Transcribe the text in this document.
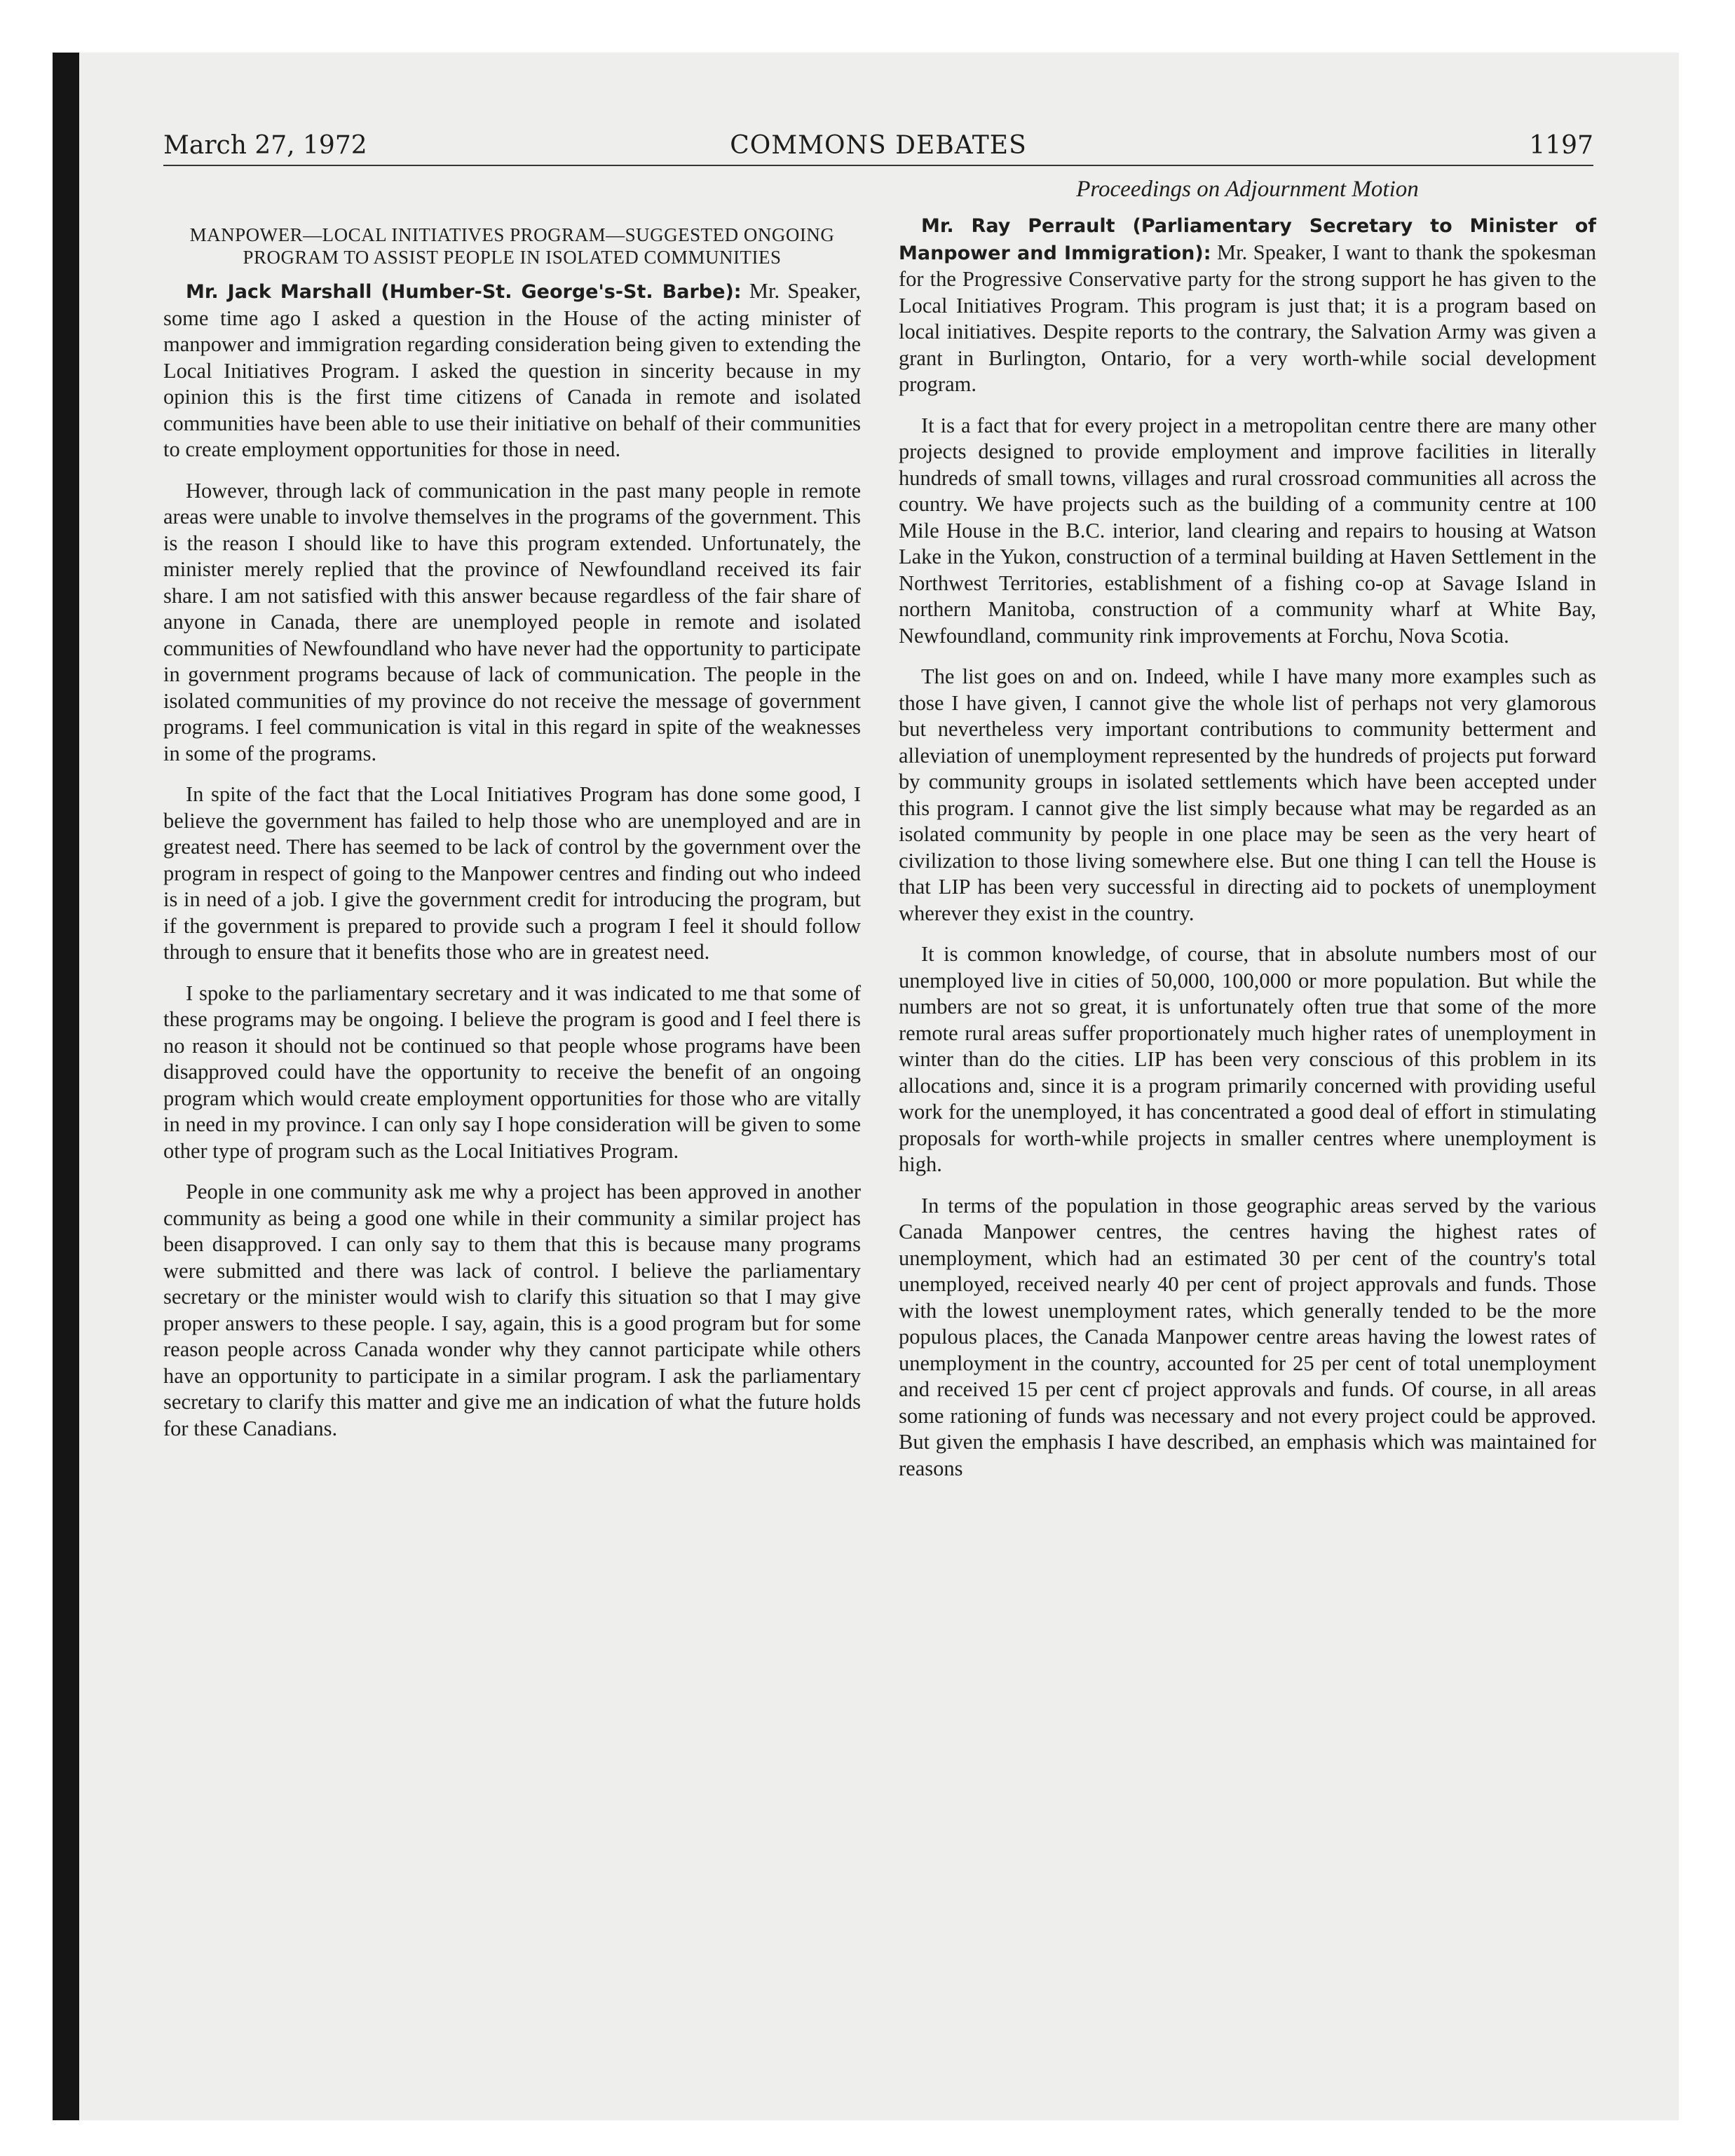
March 27, 1972	COMMONS DEBATES	1197
MANPOWER—LOCAL INITIATIVES PROGRAM—SUGGESTED ONGOING PROGRAM TO ASSIST PEOPLE IN ISOLATED COMMUNITIES

Mr. Jack Marshall (Humber-St. George's-St. Barbe): Mr. Speaker, some time ago I asked a question in the House of the acting minister of manpower and immigration regarding consideration being given to extending the Local Initiatives Program. I asked the question in sincerity because in my opinion this is the first time citizens of Canada in remote and isolated communities have been able to use their initiative on behalf of their communities to create employment opportunities for those in need.

However, through lack of communication in the past many people in remote areas were unable to involve themselves in the programs of the government. This is the reason I should like to have this program extended. Unfortunately, the minister merely replied that the province of Newfoundland received its fair share. I am not satisfied with this answer because regardless of the fair share of anyone in Canada, there are unemployed people in remote and isolated communities of Newfoundland who have never had the opportunity to participate in government programs because of lack of communication. The people in the isolated communities of my province do not receive the message of government programs. I feel communication is vital in this regard in spite of the weaknesses in some of the programs.

In spite of the fact that the Local Initiatives Program has done some good, I believe the government has failed to help those who are unemployed and are in greatest need. There has seemed to be lack of control by the government over the program in respect of going to the Manpower centres and finding out who indeed is in need of a job. I give the government credit for introducing the program, but if the government is prepared to provide such a program I feel it should follow through to ensure that it benefits those who are in greatest need.

I spoke to the parliamentary secretary and it was indicated to me that some of these programs may be ongoing. I believe the program is good and I feel there is no reason it should not be continued so that people whose programs have been disapproved could have the opportunity to receive the benefit of an ongoing program which would create employment opportunities for those who are vitally in need in my province. I can only say I hope consideration will be given to some other type of program such as the Local Initiatives Program.

People in one community ask me why a project has been approved in another community as being a good one while in their community a similar project has been disapproved. I can only say to them that this is because many programs were submitted and there was lack of control. I believe the parliamentary secretary or the minister would wish to clarify this situation so that I may give proper answers to these people. I say, again, this is a good program but for some reason people across Canada wonder why they cannot participate while others have an opportunity to participate in a similar program. I ask the parliamentary secretary to clarify this matter and give me an indication of what the future holds for these Canadians.

Proceedings on Adjournment Motion

Mr. Ray Perrault (Parliamentary Secretary to Minister of Manpower and Immigration): Mr. Speaker, I want to thank the spokesman for the Progressive Conservative party for the strong support he has given to the Local Initiatives Program. This program is just that; it is a program based on local initiatives. Despite reports to the contrary, the Salvation Army was given a grant in Burlington, Ontario, for a very worth-while social development program.

It is a fact that for every project in a metropolitan centre there are many other projects designed to provide employment and improve facilities in literally hundreds of small towns, villages and rural crossroad communities all across the country. We have projects such as the building of a community centre at 100 Mile House in the B.C. interior, land clearing and repairs to housing at Watson Lake in the Yukon, construction of a terminal building at Haven Settlement in the Northwest Territories, establishment of a fishing co-op at Savage Island in northern Manitoba, construction of a community wharf at White Bay, Newfoundland, community rink improvements at Forchu, Nova Scotia.

The list goes on and on. Indeed, while I have many more examples such as those I have given, I cannot give the whole list of perhaps not very glamorous but nevertheless very important contributions to community betterment and alleviation of unemployment represented by the hundreds of projects put forward by community groups in isolated settlements which have been accepted under this program. I cannot give the list simply because what may be regarded as an isolated community by people in one place may be seen as the very heart of civilization to those living somewhere else. But one thing I can tell the House is that LIP has been very successful in directing aid to pockets of unemployment wherever they exist in the country.

It is common knowledge, of course, that in absolute numbers most of our unemployed live in cities of 50,000, 100,000 or more population. But while the numbers are not so great, it is unfortunately often true that some of the more remote rural areas suffer proportionately much higher rates of unemployment in winter than do the cities. LIP has been very conscious of this problem in its allocations and, since it is a program primarily concerned with providing useful work for the unemployed, it has concentrated a good deal of effort in stimulating proposals for worth-while projects in smaller centres where unemployment is high.

In terms of the population in those geographic areas served by the various Canada Manpower centres, the centres having the highest rates of unemployment, which had an estimated 30 per cent of the country's total unemployed, received nearly 40 per cent of project approvals and funds. Those with the lowest unemployment rates, which generally tended to be the more populous places, the Canada Manpower centre areas having the lowest rates of unemployment in the country, accounted for 25 per cent of total unemployment and received 15 per cent cf project approvals and funds. Of course, in all areas some rationing of funds was necessary and not every project could be approved. But given the emphasis I have described, an emphasis which was maintained for reasons
